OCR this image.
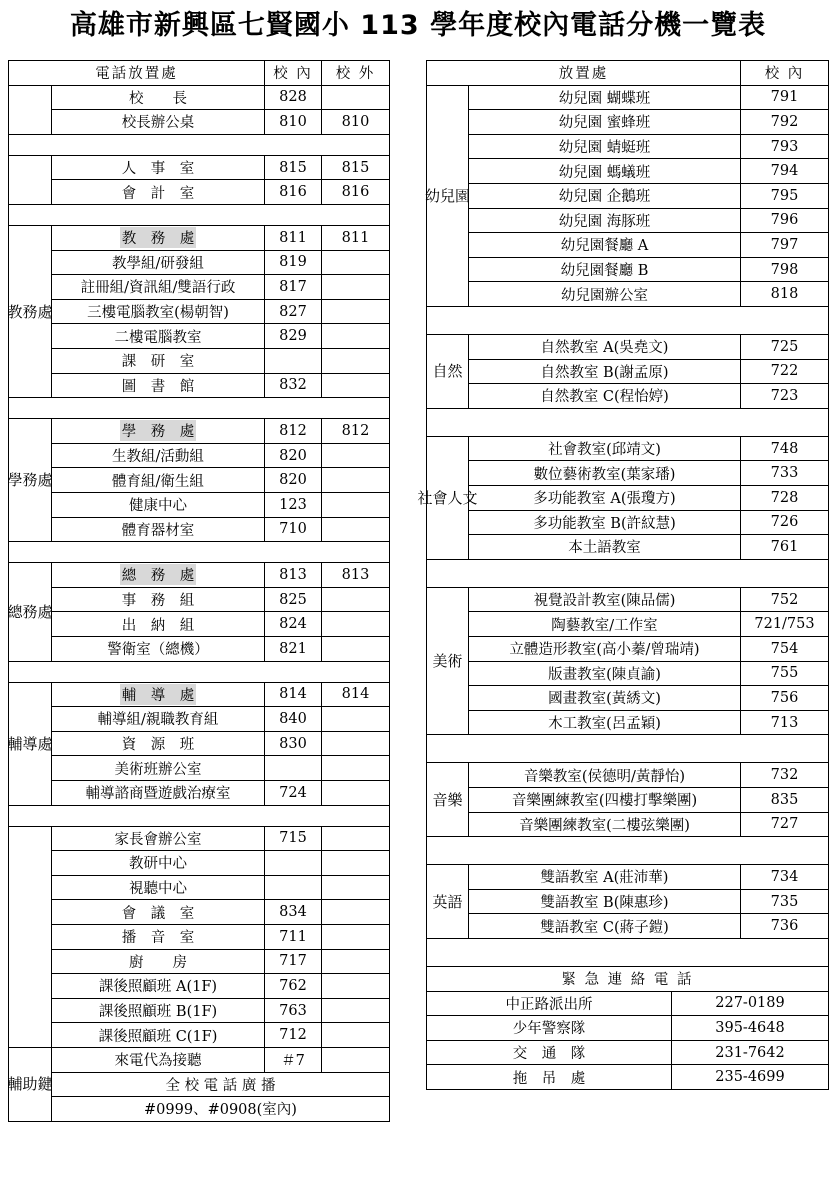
高雄市新興區七賢國小 113 學年度校內電話分機一覽表
電話放置處	校 內	校 外
校　　長	828
校長辦公桌	810	810
人　事　室	815	815
會　計　室	816	816
教 務 處
教　務　處	811	811
教學組/研發組	819
註冊組/資訊組/雙語行政	817
三樓電腦教室(楊朝智)	827
二樓電腦教室	829
課　研　室
圖　書　館	832
學 務 處
學　務　處	812	812
生教組/活動組	820
體育組/衛生組	820
健康中心	123
體育器材室	710
總 務 處
總　務　處	813	813
事　務　組	825
出　納　組	824
警衛室（總機）	821
輔 導 處
輔　導　處	814	814
輔導組/親職教育組	840
資　源　班	830
美術班辦公室
輔導諮商暨遊戲治療室	724
家長會辦公室	715
教研中心
視聽中心
會　議　室	834
播　音　室	711
廚　　房	717
課後照顧班 A(1F)	762
課後照顧班 B(1F)	763
課後照顧班 C(1F)	712
輔 助 鍵
來電代為接聽	＃7
全 校 電 話 廣 播
#0999、#0908(室內)
放置處	校 內
幼 兒 園
幼兒園 蝴蝶班	791
幼兒園 蜜蜂班	792
幼兒園 蜻蜓班	793
幼兒園 螞蟻班	794
幼兒園 企鵝班	795
幼兒園 海豚班	796
幼兒園餐廳 A	797
幼兒園餐廳 B	798
幼兒園辦公室	818
自 然
自然教室 A(吳堯文)	725
自然教室 B(謝孟原)	722
自然教室 C(程怡婷)	723
社 會 人 文
社會教室(邱靖文)	748
數位藝術教室(葉家璠)	733
多功能教室 A(張瓊方)	728
多功能教室 B(許紋慧)	726
本土語教室	761
美 術
視覺設計教室(陳品儒)	752
陶藝教室/工作室	721/753
立體造形教室(高小蓁/曾瑞靖)	754
版畫教室(陳貞諭)	755
國畫教室(黃綉文)	756
木工教室(呂孟穎)	713
音 樂
音樂教室(侯德明/黃靜怡)	732
音樂團練教室(四樓打擊樂團)	835
音樂團練教室(二樓弦樂團)	727
英 語
雙語教室 A(莊沛華)	734
雙語教室 B(陳惠珍)	735
雙語教室 C(蔣子鎧)	736
緊 急 連 絡 電 話
中正路派出所	227-0189
少年警察隊	395-4648
交　通　隊	231-7642
拖　吊　處	235-4699
